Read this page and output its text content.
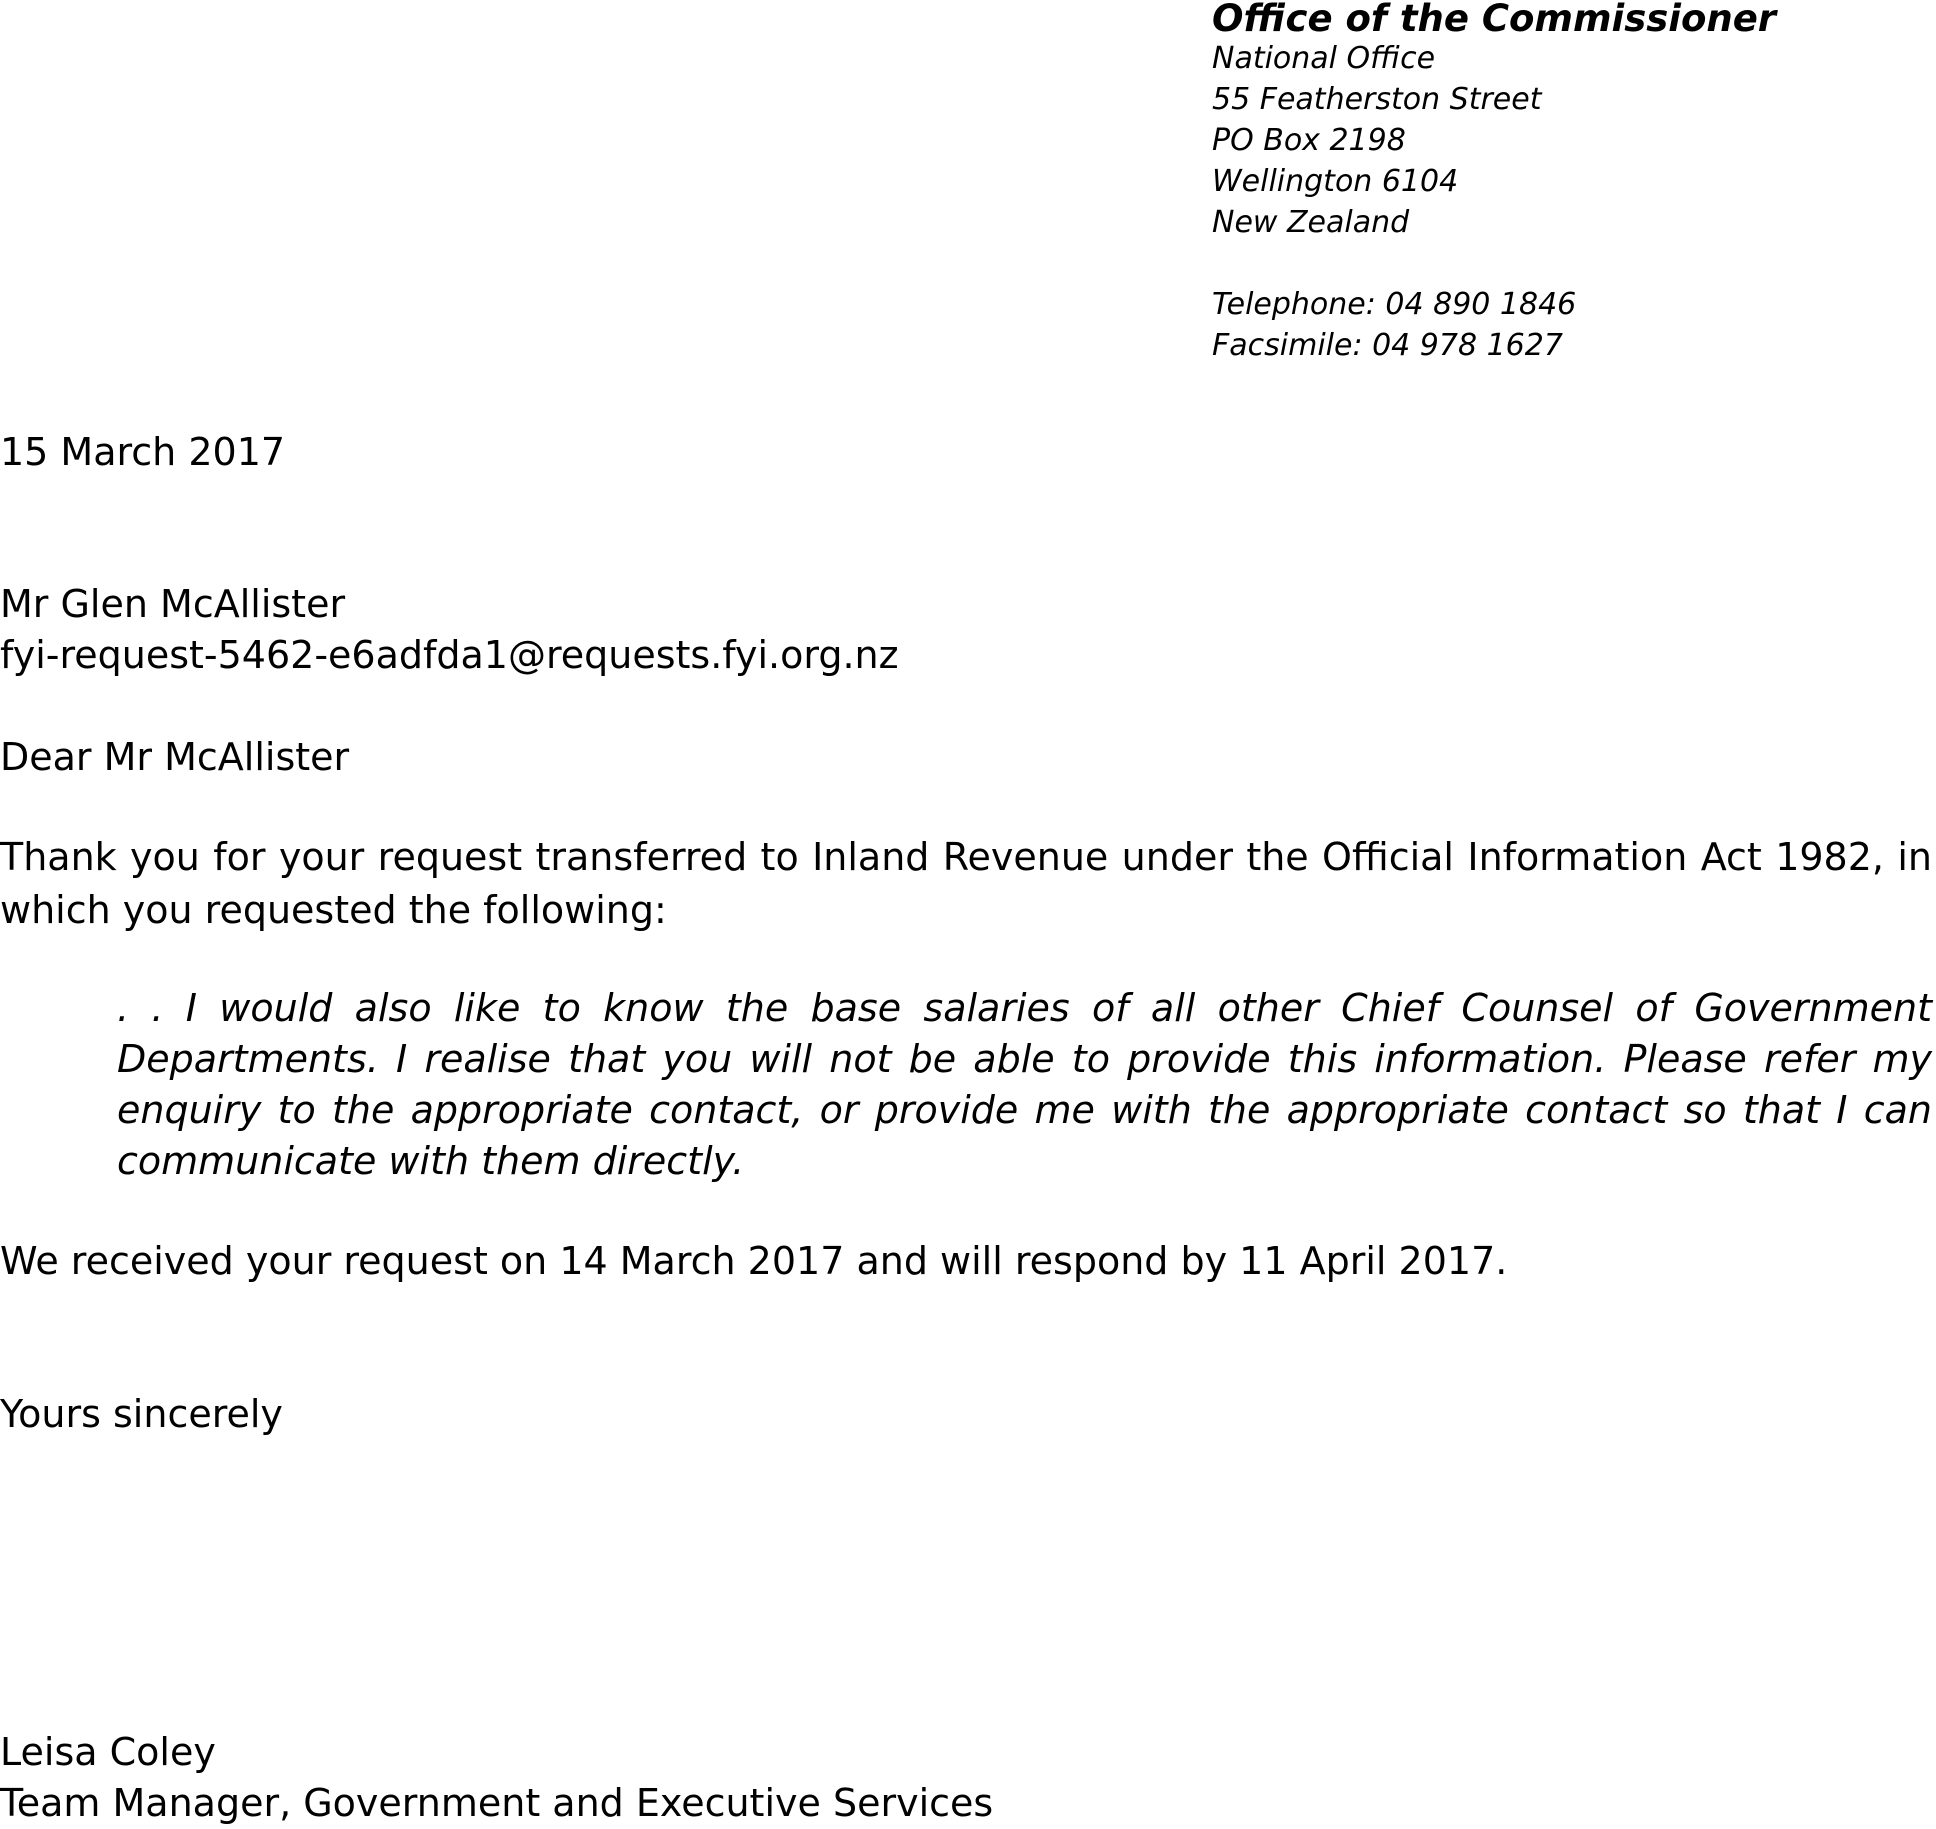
Office of the Commissioner
National Office
55 Featherston Street
PO Box 2198
Wellington 6104
New Zealand
Telephone: 04 890 1846
Facsimile: 04 978 1627
15 March 2017
Mr Glen McAllister
fyi-request-5462-e6adfda1@requests.fyi.org.nz
Dear Mr McAllister
Thank you for your request transferred to Inland Revenue under the Official Information Act 1982, in which you requested the following:
. . I would also like to know the base salaries of all other Chief Counsel of Government Departments. I realise that you will not be able to provide this information. Please refer my enquiry to the appropriate contact, or provide me with the appropriate contact so that I can communicate with them directly.
We received your request on 14 March 2017 and will respond by 11 April 2017.
Yours sincerely
Leisa Coley
Team Manager, Government and Executive Services
